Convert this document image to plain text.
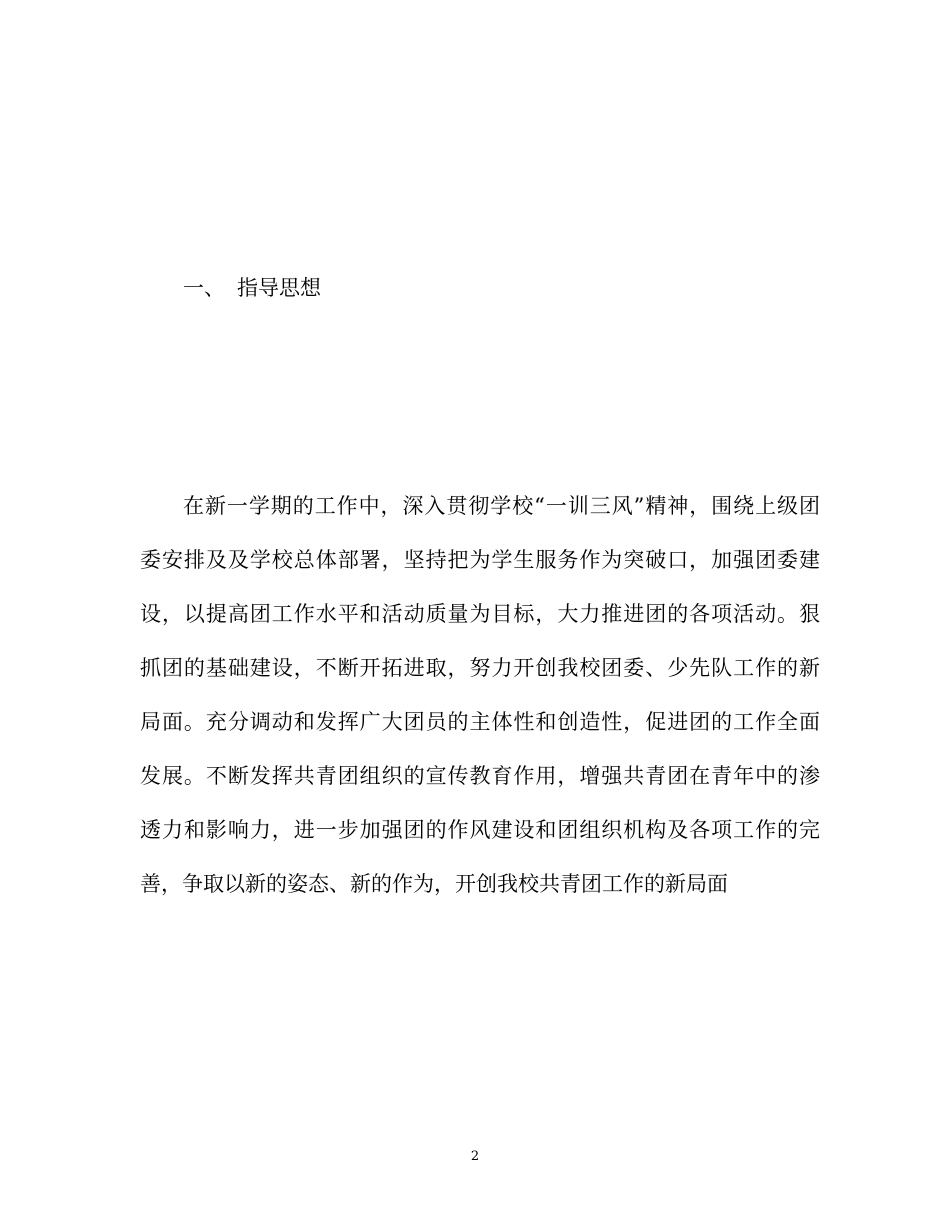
一、 指导思想
在新一学期的工作中，深入贯彻学校“一训三风”精神，围绕上级团
委安排及及学校总体部署，坚持把为学生服务作为突破口，加强团委建
设，以提高团工作水平和活动质量为目标，大力推进团的各项活动。狠
抓团的基础建设，不断开拓进取，努力开创我校团委、少先队工作的新
局面。充分调动和发挥广大团员的主体性和创造性，促进团的工作全面
发展。不断发挥共青团组织的宣传教育作用，增强共青团在青年中的渗
透力和影响力，进一步加强团的作风建设和团组织机构及各项工作的完
善，争取以新的姿态、新的作为，开创我校共青团工作的新局面
2
